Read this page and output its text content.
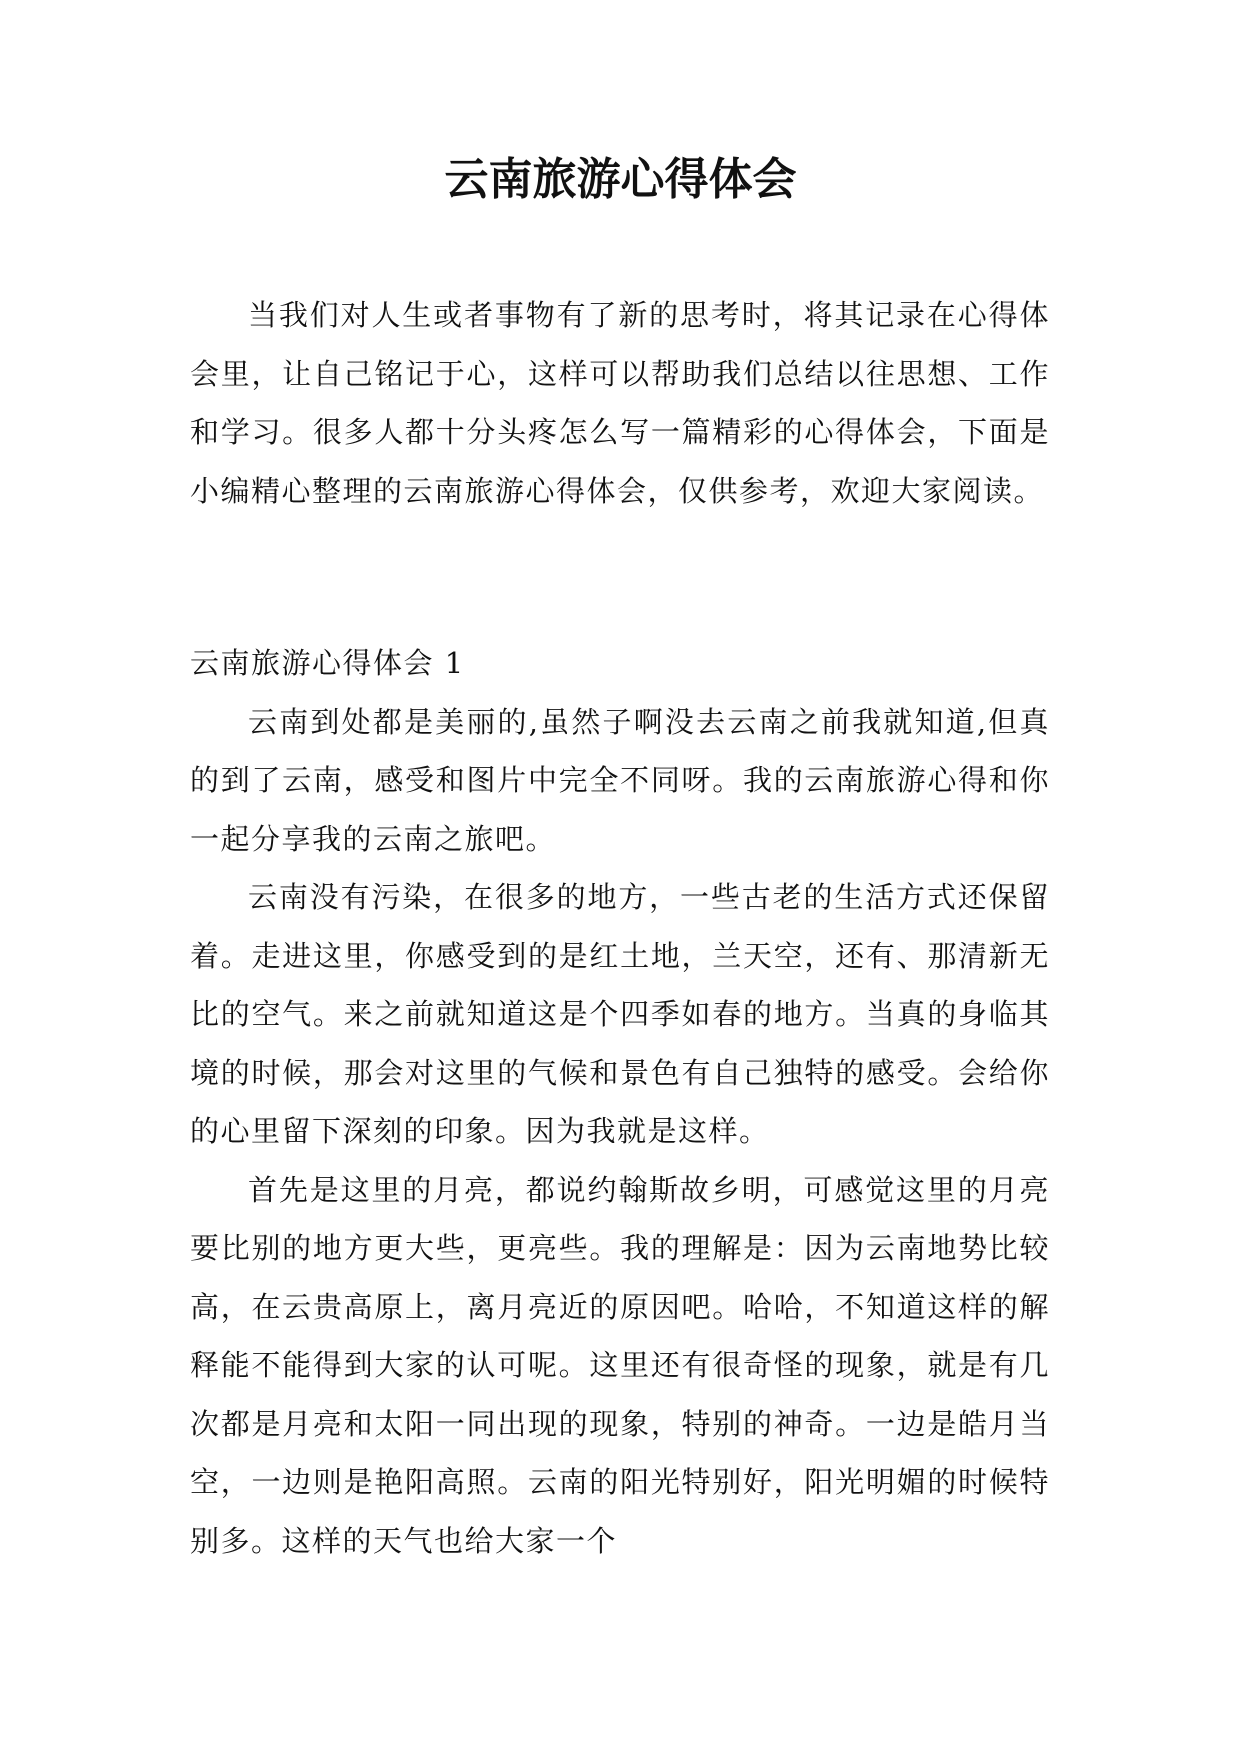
云南旅游心得体会

当我们对人生或者事物有了新的思考时，将其记录在心得体会里，让自己铭记于心，这样可以帮助我们总结以往思想、工作和学习。很多人都十分头疼怎么写一篇精彩的心得体会，下面是小编精心整理的云南旅游心得体会，仅供参考，欢迎大家阅读。

云南旅游心得体会 1

云南到处都是美丽的,虽然子啊没去云南之前我就知道,但真的到了云南，感受和图片中完全不同呀。我的云南旅游心得和你一起分享我的云南之旅吧。

云南没有污染，在很多的地方，一些古老的生活方式还保留着。走进这里，你感受到的是红土地，兰天空，还有、那清新无比的空气。来之前就知道这是个四季如春的地方。当真的身临其境的时候，那会对这里的气候和景色有自己独特的感受。会给你的心里留下深刻的印象。因为我就是这样。

首先是这里的月亮，都说约翰斯故乡明，可感觉这里的月亮要比别的地方更大些，更亮些。我的理解是：因为云南地势比较高，在云贵高原上，离月亮近的原因吧。哈哈，不知道这样的解释能不能得到大家的认可呢。这里还有很奇怪的现象，就是有几次都是月亮和太阳一同出现的现象，特别的神奇。一边是皓月当空，一边则是艳阳高照。云南的阳光特别好，阳光明媚的时候特别多。这样的天气也给大家一个
